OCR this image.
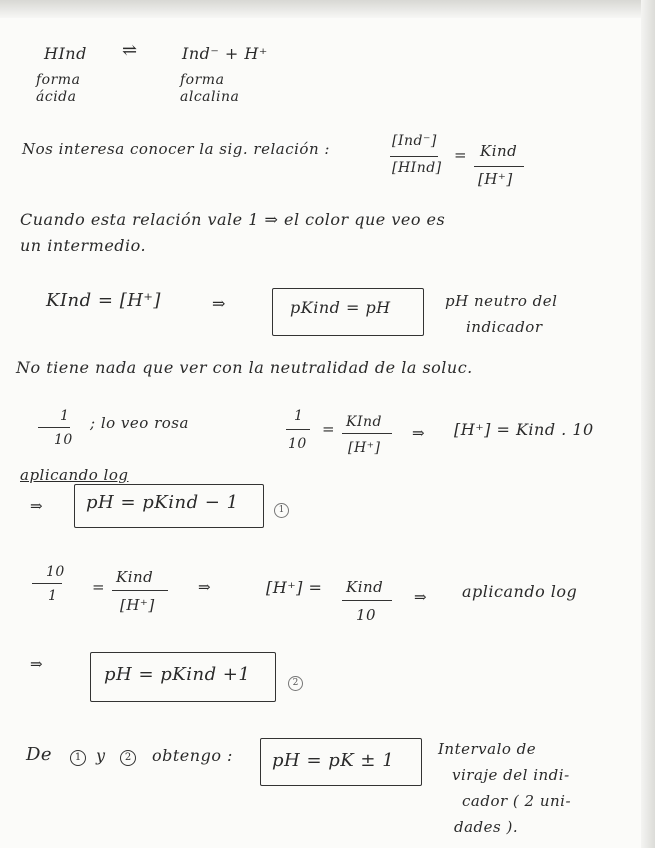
HInd ⇌	Ind⁻ + H⁺
forma
ácida
forma
alcalina
Nos interesa conocer la sig. relación :	[Ind⁻]
[HInd]
= Kind
[H⁺]
Cuando esta relación vale 1 ⇒ el color que veo es
un intermedio.
KInd = [H⁺]	⇒	pKind = pH	pH neutro del
indicador
No tiene nada que ver con la neutralidad de la soluc.
1
10
; lo veo rosa	1
10
= KInd
[H⁺]
⇒ [H⁺] = Kind . 10
aplicando log
⇒ pH = pKind − 1	1
10
1 =
Kind
[H⁺]
⇒	[H⁺] = Kind
10
⇒ aplicando log
⇒	pH = pKind +1	2
De	1 y	2	obtengo : pH = pK ± 1
Intervalo de
viraje del indi-
cador ( 2 uni-
dades ).
